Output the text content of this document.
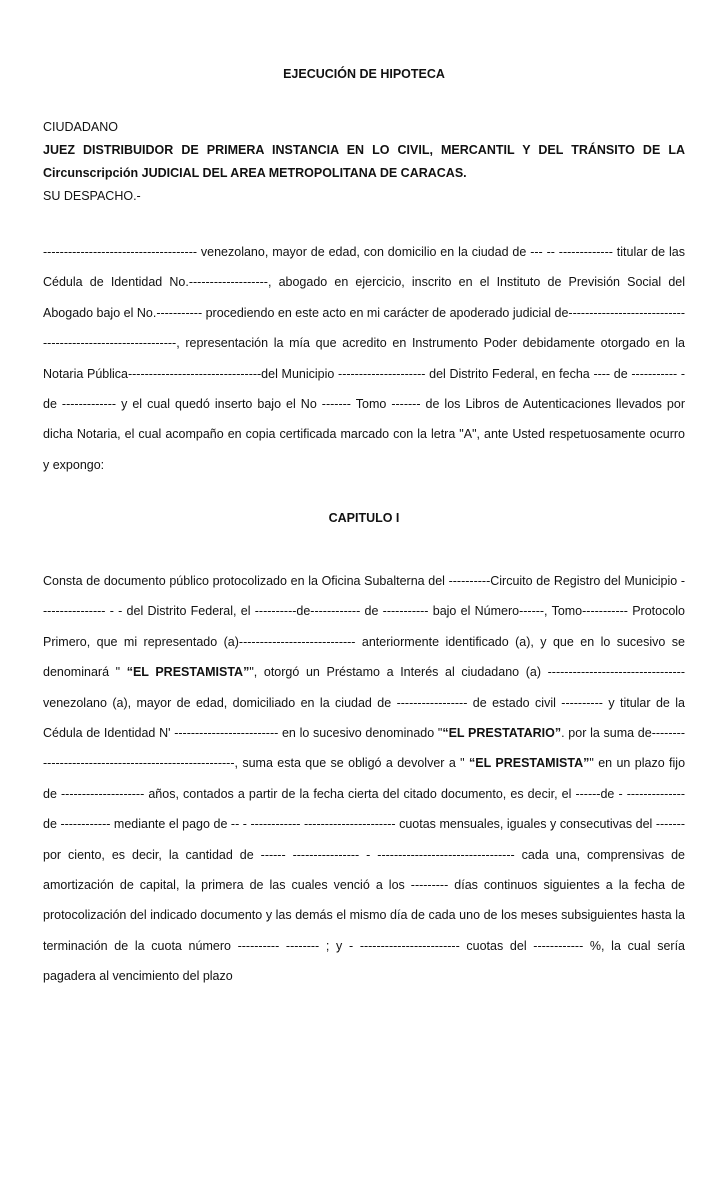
EJECUCIÓN DE HIPOTECA
CIUDADANO
JUEZ DISTRIBUIDOR DE PRIMERA INSTANCIA EN LO CIVIL, MERCANTIL Y DEL TRÁNSITO DE LA
Circunscripción JUDICIAL DEL AREA METROPOLITANA DE CARACAS.
SU DESPACHO.-

------------------------------------- venezolano, mayor de edad, con domicilio en la ciudad de --- -- ------------- titular de las Cédula de Identidad No.-------------------, abogado en ejercicio, inscrito en el Instituto de Previsión Social del Abogado bajo el No.----------- procediendo en este acto en mi carácter de apoderado judicial de------------------------------------------------------------, representación la mía que acredito en Instrumento Poder debidamente otorgado en la Notaria Pública--------------------------------del Municipio --------------------- del Distrito Federal, en fecha ---- de ----------- -de ------------- y el cual quedó inserto bajo el No ------- Tomo ------- de los Libros de Autenticaciones llevados por dicha Notaria, el cual acompaño en copia certificada marcado con la letra "A", ante Usted respetuosamente ocurro y expongo:

CAPITULO I

Consta de documento público protocolizado en la Oficina Subalterna del ----------Circuito de Registro del Municipio ---------------- - - del Distrito Federal, el ----------de------------ de ----------- bajo el Número------, Tomo----------- Protocolo Primero, que mi representado (a)---------------------------- anteriormente identificado (a), y que en lo sucesivo se denominará " “EL PRESTAMISTA”", otorgó un Préstamo a Interés al ciudadano (a) --------------------------------- venezolano (a), mayor de edad, domiciliado en la ciudad de ----------------- de estado civil ---------- y titular de la Cédula de Identidad N' ------------------------- en lo sucesivo denominado "“EL PRESTATARIO”. por la suma de------------------------------------------------------, suma esta que se obligó a devolver a " “EL PRESTAMISTA”" en un plazo fijo de -------------------- años, contados a partir de la fecha cierta del citado documento, es decir, el ------de - -------------- de ------------ mediante el pago de -- - ------------ ---------------------- cuotas mensuales, iguales y consecutivas del ------- por ciento, es decir, la cantidad de ------ ---------------- - --------------------------------- cada una, comprensivas de amortización de capital, la primera de las cuales venció a los --------- días continuos siguientes a la fecha de protocolización del indicado documento y las demás el mismo día de cada uno de los meses subsiguientes hasta la terminación de la cuota número ---------- -------- ; y - ------------------------ cuotas del ------------ %, la cual sería pagadera al vencimiento del plazo
